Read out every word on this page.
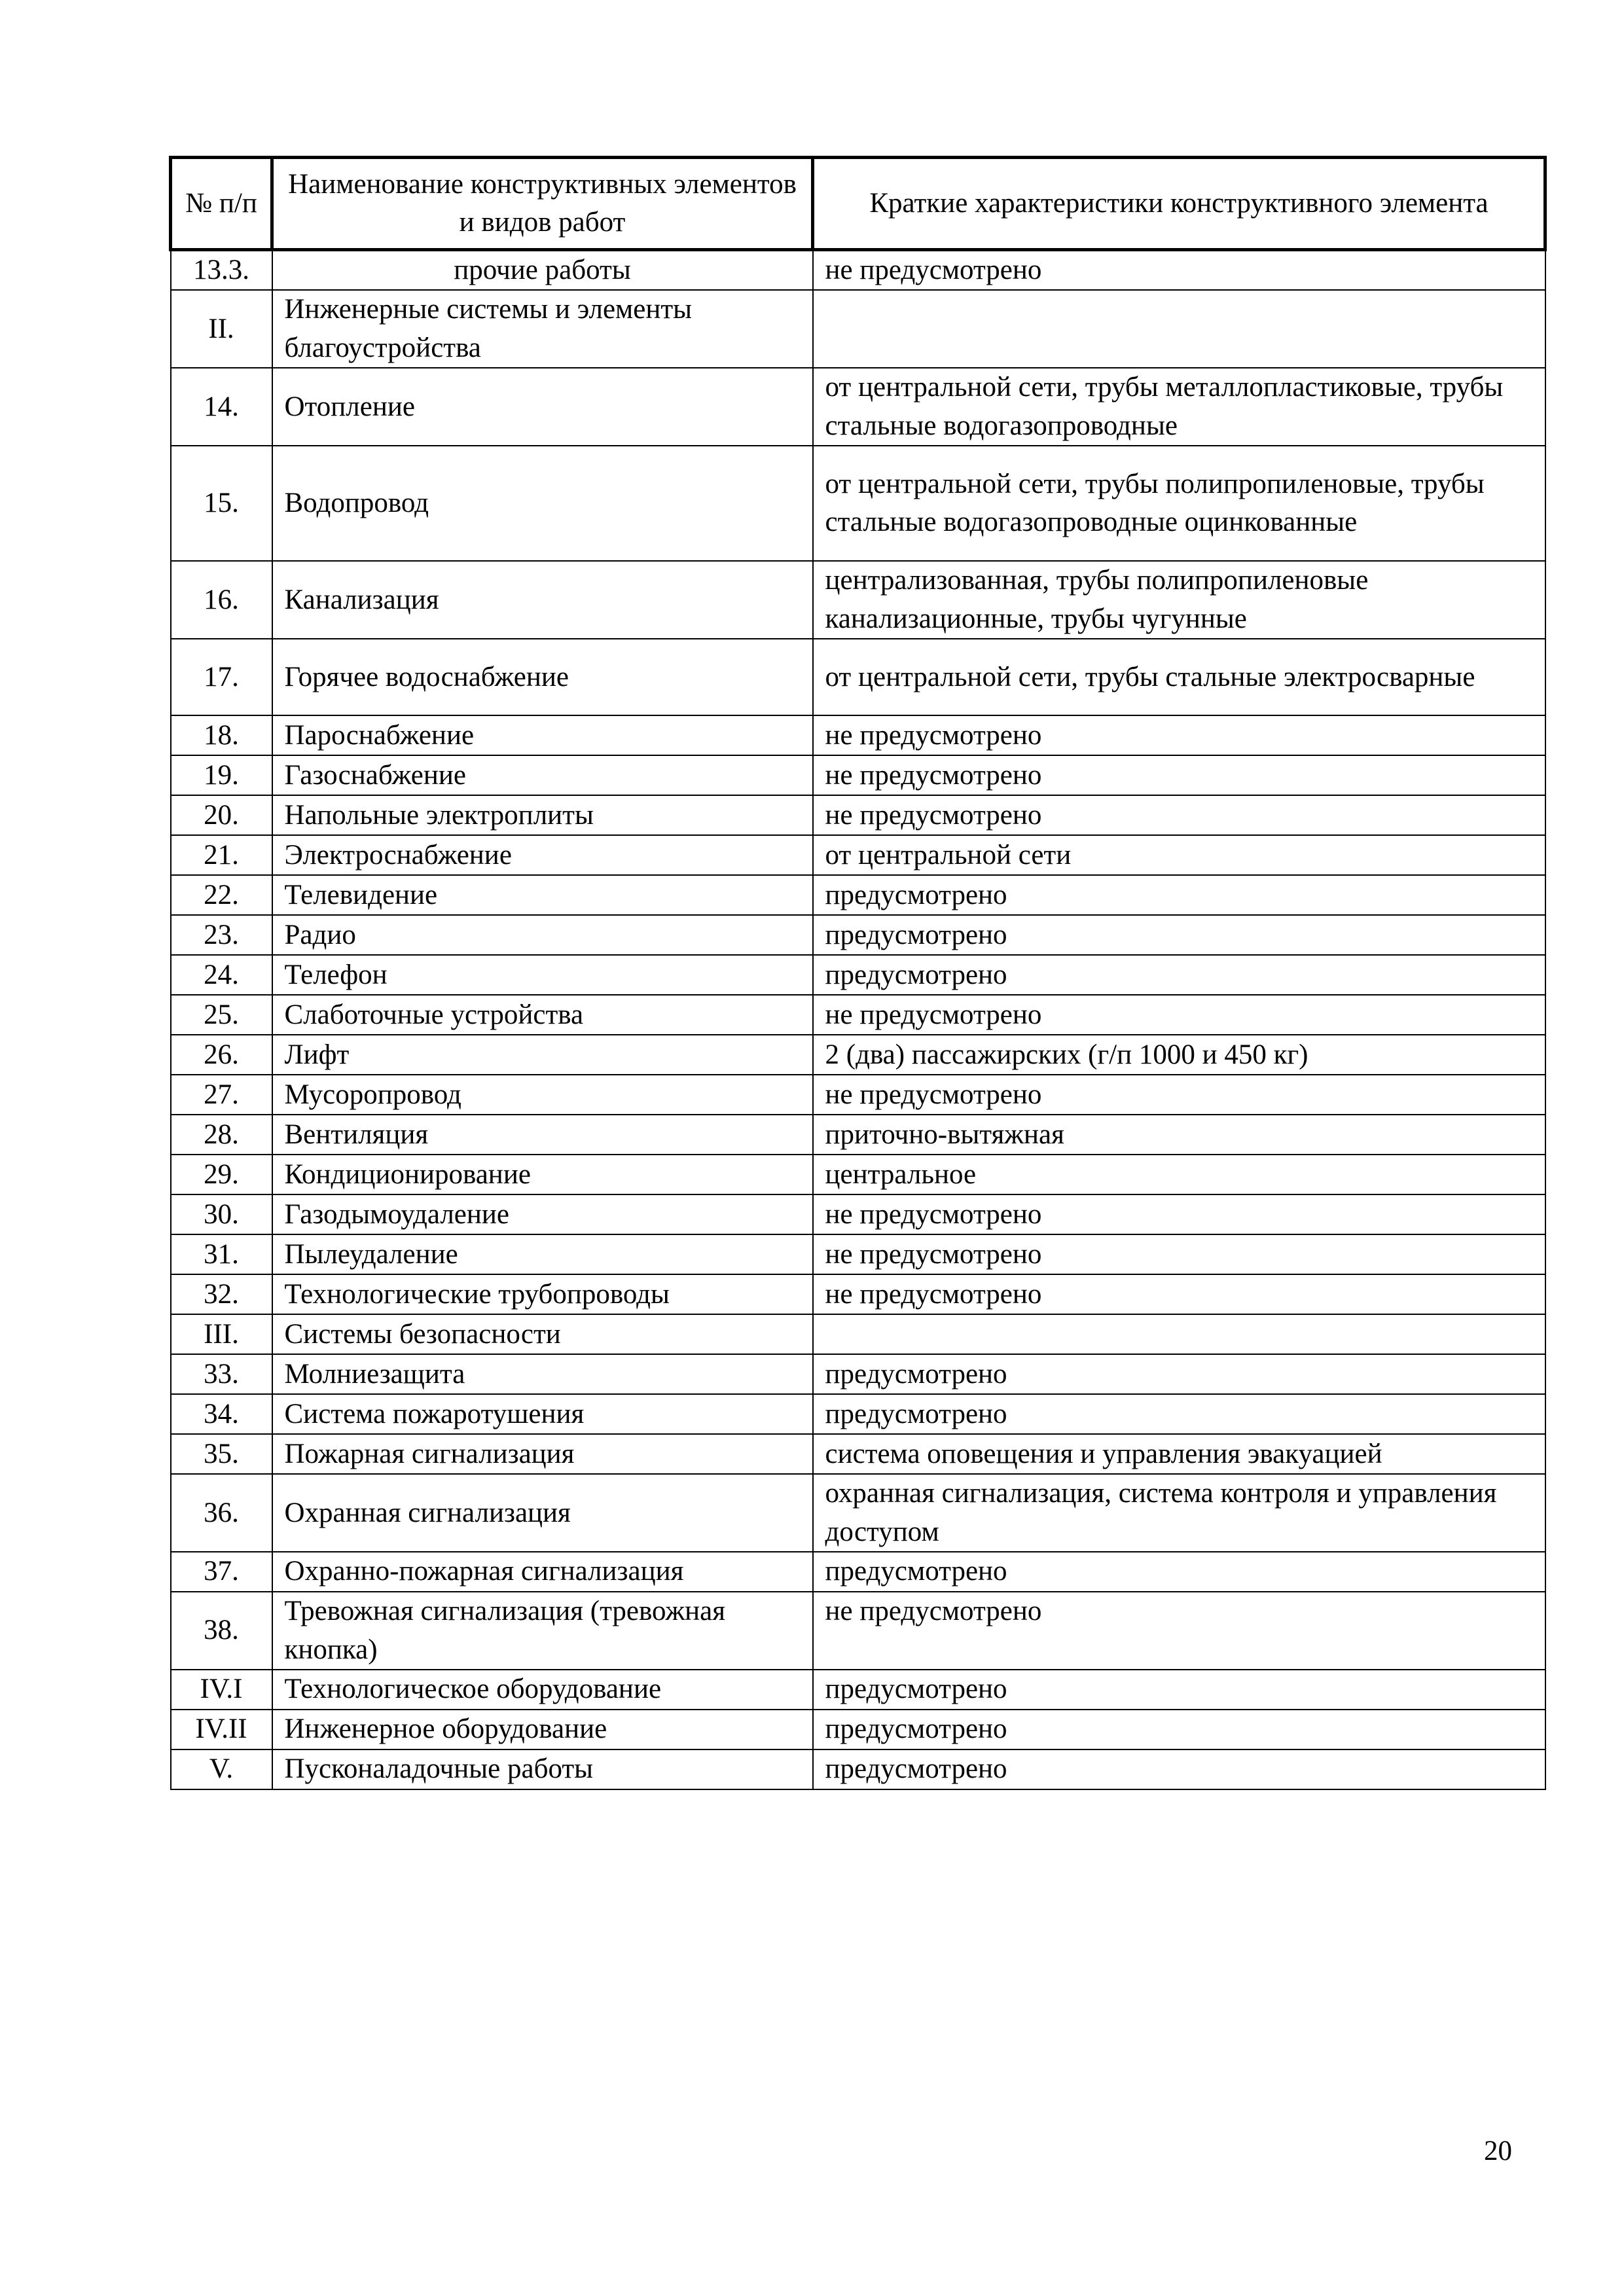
№ п/п	Наименование конструктивных элементов и видов работ	Краткие характеристики конструктивного элемента
13.3.	прочие работы	не предусмотрено
II.	Инженерные системы и элементы благоустройства	
14.	Отопление	от центральной сети, трубы металлопластиковые, трубы стальные водогазопроводные
15.	Водопровод	от центральной сети, трубы полипропиленовые, трубы стальные водогазопроводные оцинкованные
16.	Канализация	централизованная, трубы полипропиленовые канализационные, трубы чугунные
17.	Горячее водоснабжение	от центральной сети, трубы стальные электросварные
18.	Пароснабжение	не предусмотрено
19.	Газоснабжение	не предусмотрено
20.	Напольные электроплиты	не предусмотрено
21.	Электроснабжение	от центральной сети
22.	Телевидение	предусмотрено
23.	Радио	предусмотрено
24.	Телефон	предусмотрено
25.	Слаботочные устройства	не предусмотрено
26.	Лифт	2 (два) пассажирских (г/п 1000 и 450 кг)
27.	Мусоропровод	не предусмотрено
28.	Вентиляция	приточно-вытяжная
29.	Кондиционирование	центральное
30.	Газодымоудаление	не предусмотрено
31.	Пылеудаление	не предусмотрено
32.	Технологические трубопроводы	не предусмотрено
III.	Системы безопасности	
33.	Молниезащита	предусмотрено
34.	Система пожаротушения	предусмотрено
35.	Пожарная сигнализация	система оповещения и управления эвакуацией
36.	Охранная сигнализация	охранная сигнализация, система контроля и управления доступом
37.	Охранно-пожарная сигнализация	предусмотрено
38.	Тревожная сигнализация (тревожная кнопка)	не предусмотрено
IV.I	Технологическое оборудование	предусмотрено
IV.II	Инженерное оборудование	предусмотрено
V.	Пусконаладочные работы	предусмотрено
20
